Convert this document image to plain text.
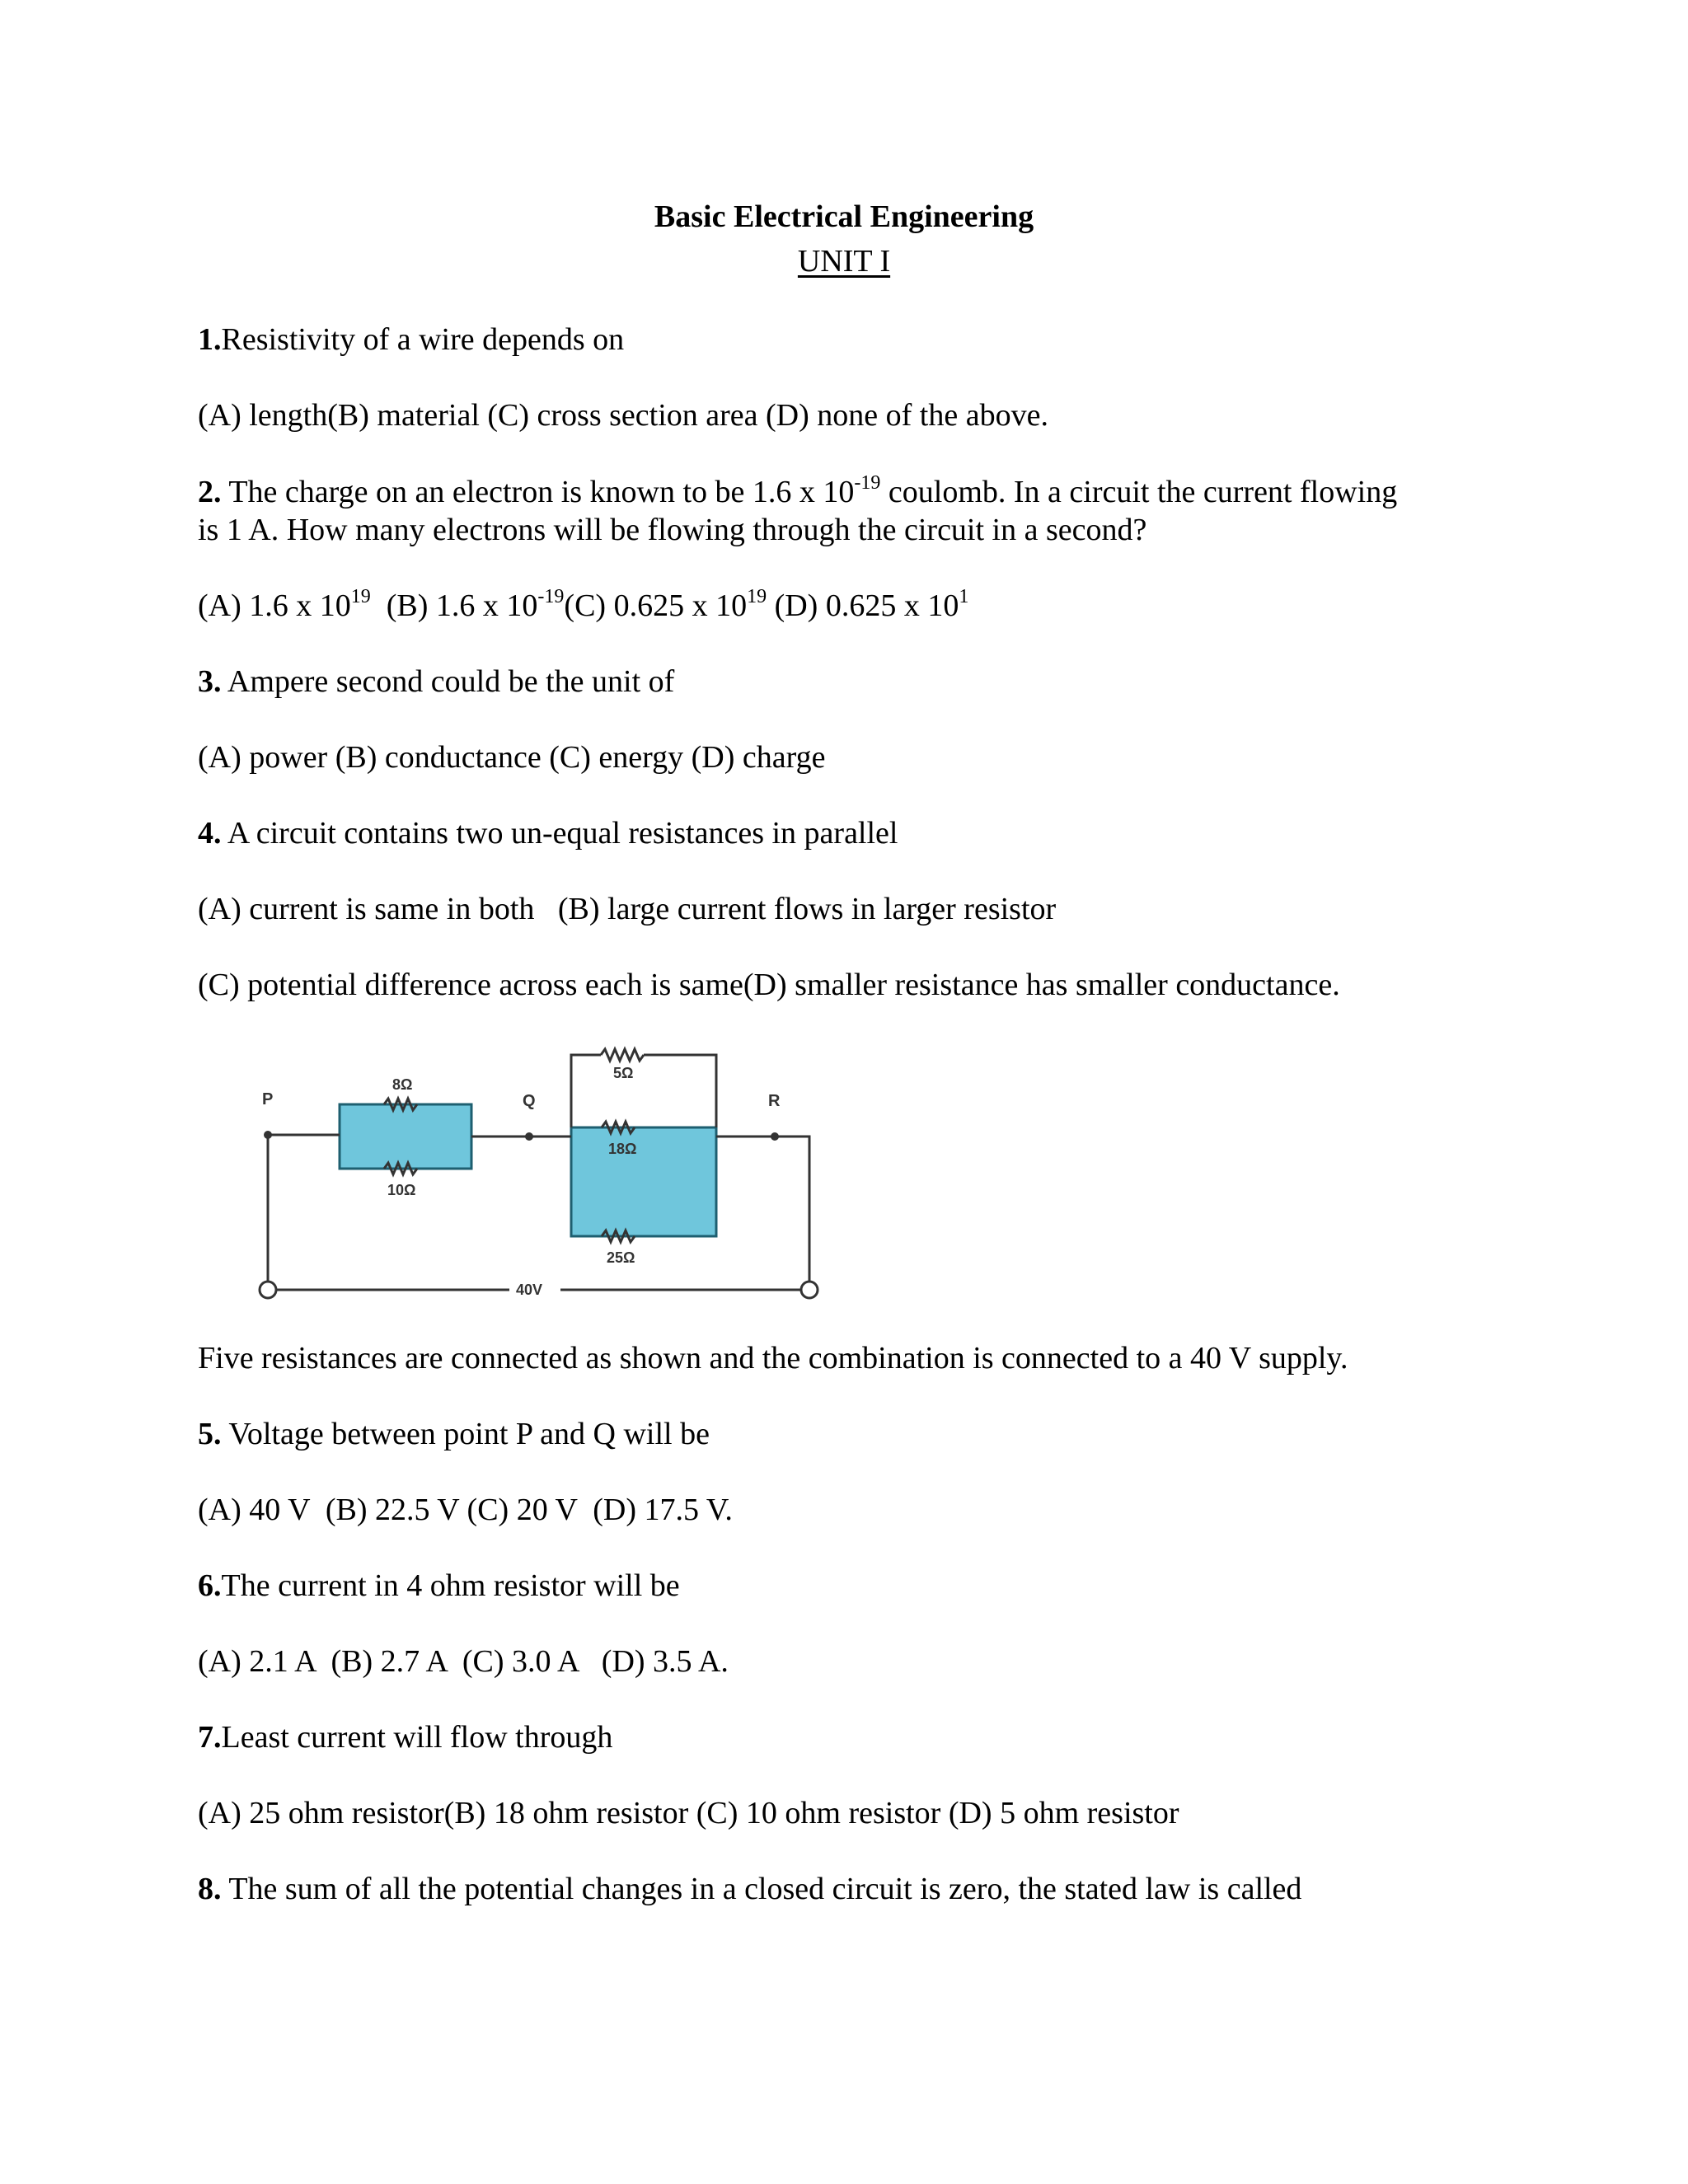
Basic Electrical Engineering
UNIT I
1.Resistivity of a wire depends on
(A) length(B) material (C) cross section area (D) none of the above.
2. The charge on an electron is known to be 1.6 x $10^{-19}$ coulomb. In a circuit the current flowing
is 1 A. How many electrons will be flowing through the circuit in a second?
(A) 1.6 x $10^{19}$  (B) 1.6 x $10^{-19}(C)$ 0.625 x $10^{19}$ (D) 0.625 x $10^1$
3. Ampere second could be the unit of
(A) power (B) conductance (C) energy (D) charge
4. A circuit contains two un-equal resistances in parallel
(A) current is same in both   (B) large current flows in larger resistor
(C) potential difference across each is same(D) smaller resistance has smaller conductance.
P	Q	R
8Ω
10Ω
5Ω
18Ω
25Ω
40V
Five resistances are connected as shown and the combination is connected to a 40 V supply.
5. Voltage between point P and Q will be
(A) 40 V  (B) 22.5 V (C) 20 V  (D) 17.5 V.
6.The current in 4 ohm resistor will be
(A) 2.1 A  (B) 2.7 A  (C) 3.0 A   (D) 3.5 A.
7.Least current will flow through
(A) 25 ohm resistor(B) 18 ohm resistor (C) 10 ohm resistor (D) 5 ohm resistor
8. The sum of all the potential changes in a closed circuit is zero, the stated law is called
